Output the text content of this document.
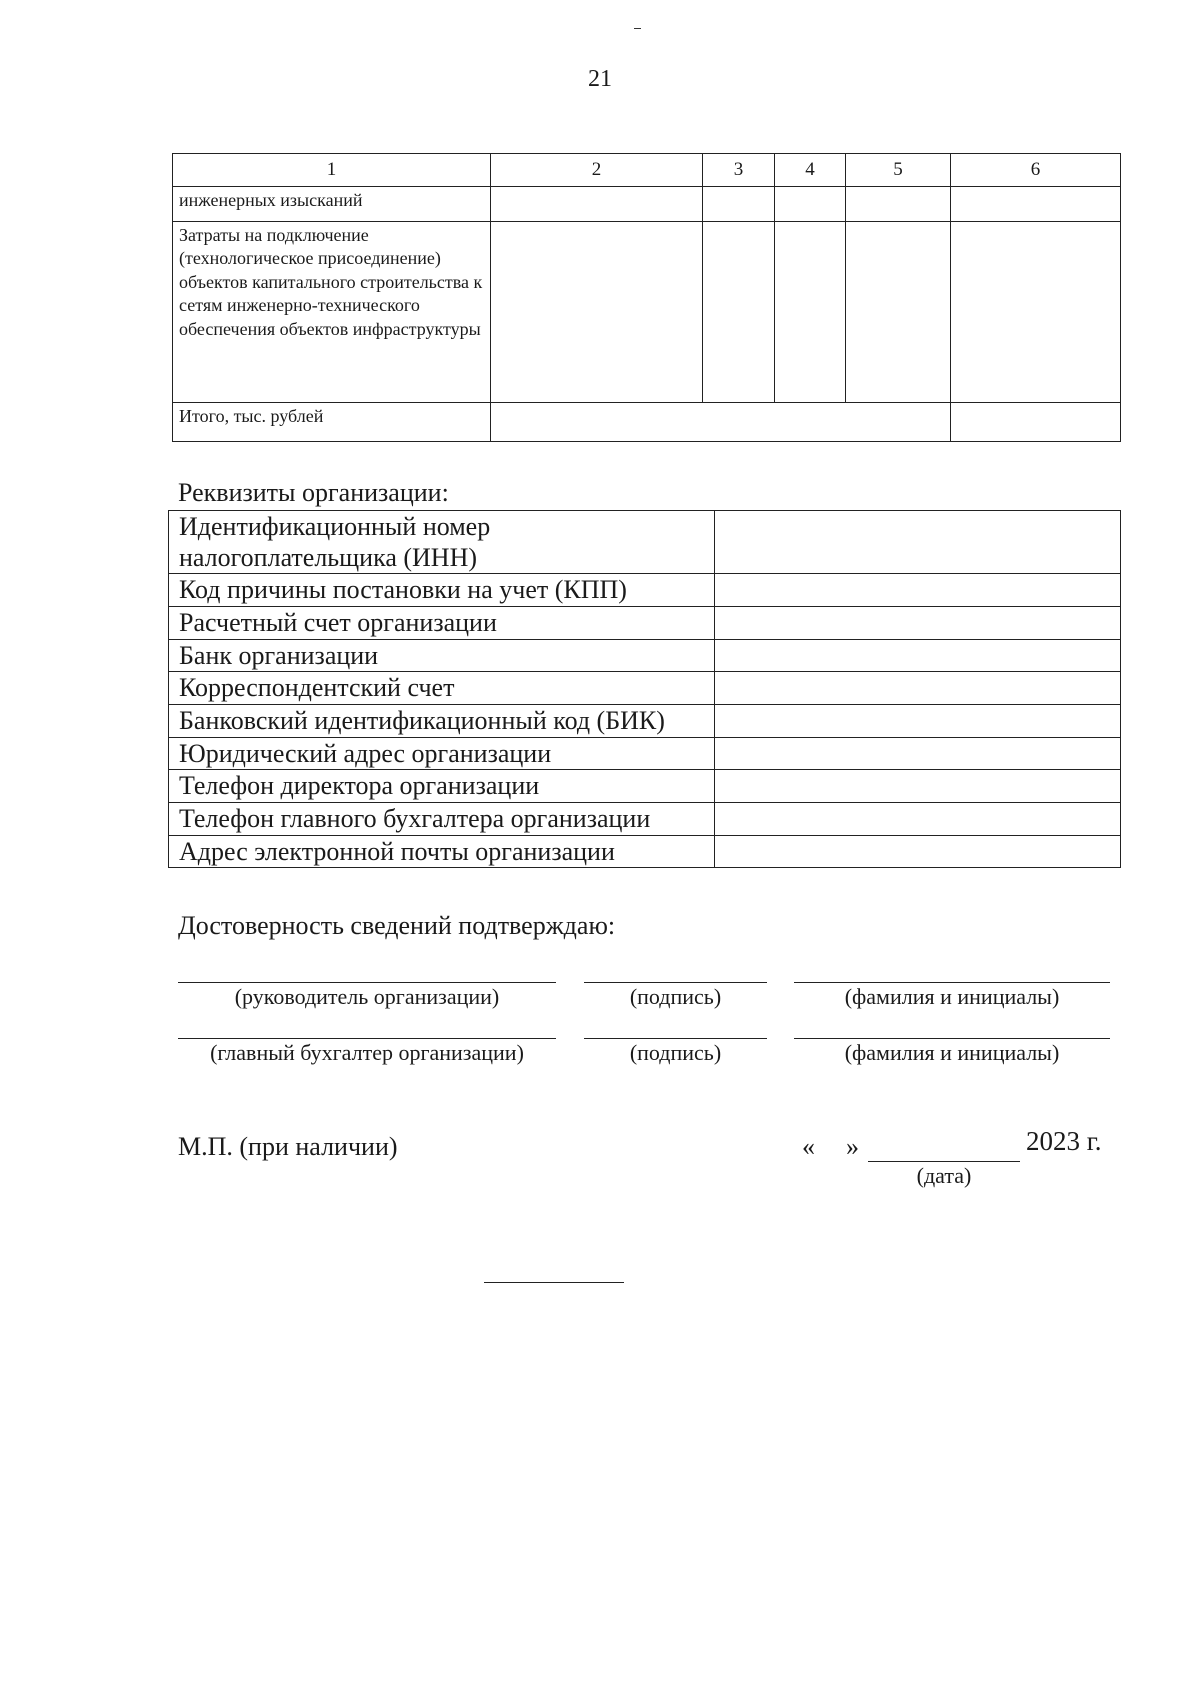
21
1	2	3	4	5	6
инженерных изысканий					
Затраты на подключение (технологическое присоединение) объектов капитального строительства к сетям инженерно-технического обеспечения объектов инфраструктуры					
Итого, тыс. рублей					
Реквизиты организации:
Идентификационный номер налогоплательщика (ИНН)	
Код причины постановки на учет (КПП)	
Расчетный счет организации	
Банк организации	
Корреспондентский счет	
Банковский идентификационный код (БИК)	
Юридический адрес организации	
Телефон директора организации	
Телефон главного бухгалтера организации	
Адрес электронной почты организации	
Достоверность сведений подтверждаю:
(руководитель организации)	(подпись)	(фамилия и инициалы)
(главный бухгалтер организации)	(подпись)	(фамилия и инициалы)
М.П. (при наличии)	« »	2023 г.
(дата)
